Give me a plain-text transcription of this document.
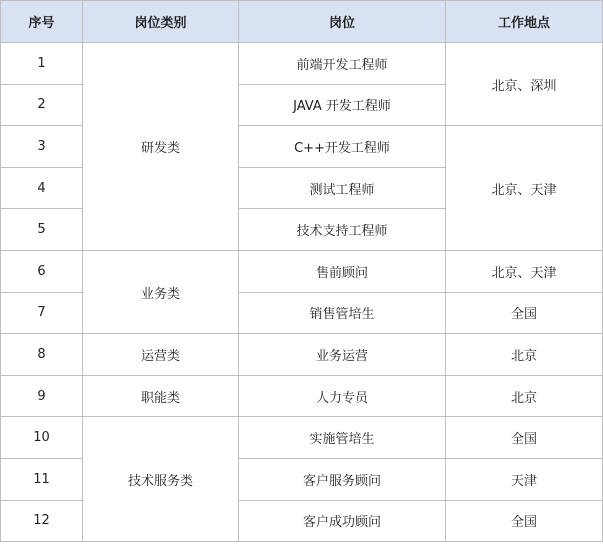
序号	岗位类别	岗位	工作地点
1	研发类	前端开发工程师	北京、深圳
2		JAVA 开发工程师	
3		C++开发工程师	北京、天津
4		测试工程师	
5		技术支持工程师	
6	业务类	售前顾问	北京、天津
7		销售管培生	全国
8	运营类	业务运营	北京
9	职能类	人力专员	北京
10	技术服务类	实施管培生	全国
11		客户服务顾问	天津
12		客户成功顾问	全国
